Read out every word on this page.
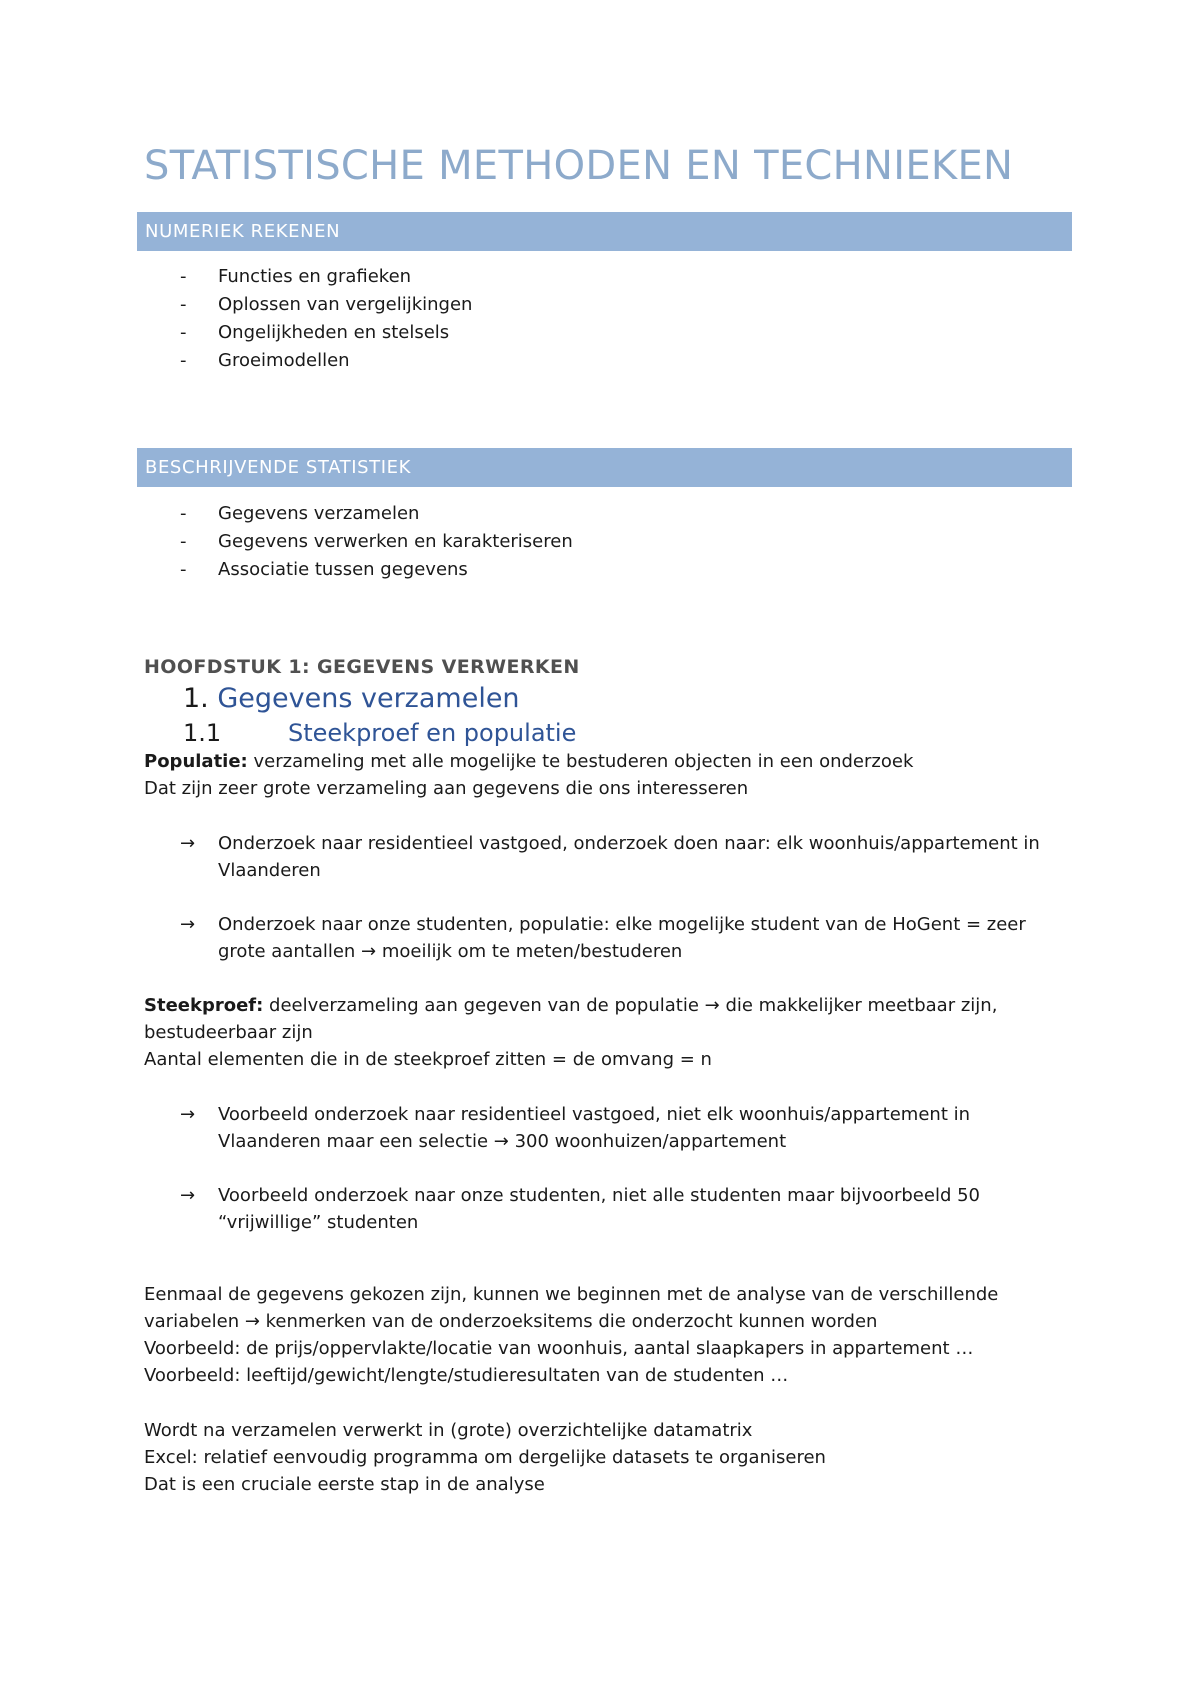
STATISTISCHE METHODEN EN TECHNIEKEN
NUMERIEK REKENEN
- Functies en grafieken
- Oplossen van vergelijkingen
- Ongelijkheden en stelsels
- Groeimodellen
BESCHRIJVENDE STATISTIEK
- Gegevens verzamelen
- Gegevens verwerken en karakteriseren
- Associatie tussen gegevens
HOOFDSTUK 1: GEGEVENS VERWERKEN
1. Gegevens verzamelen
1.1	Steekproef en populatie
Populatie: verzameling met alle mogelijke te bestuderen objecten in een onderzoek
Dat zijn zeer grote verzameling aan gegevens die ons interesseren
→ Onderzoek naar residentieel vastgoed, onderzoek doen naar: elk woonhuis/appartement in
Vlaanderen
→ Onderzoek naar onze studenten, populatie: elke mogelijke student van de HoGent = zeer
grote aantallen → moeilijk om te meten/bestuderen
Steekproef: deelverzameling aan gegeven van de populatie → die makkelijker meetbaar zijn,
bestudeerbaar zijn
Aantal elementen die in de steekproef zitten = de omvang = n
→ Voorbeeld onderzoek naar residentieel vastgoed, niet elk woonhuis/appartement in
Vlaanderen maar een selectie → 300 woonhuizen/appartement
→ Voorbeeld onderzoek naar onze studenten, niet alle studenten maar bijvoorbeeld 50
“vrijwillige” studenten
Eenmaal de gegevens gekozen zijn, kunnen we beginnen met de analyse van de verschillende
variabelen → kenmerken van de onderzoeksitems die onderzocht kunnen worden
Voorbeeld: de prijs/oppervlakte/locatie van woonhuis, aantal slaapkapers in appartement …
Voorbeeld: leeftijd/gewicht/lengte/studieresultaten van de studenten …
Wordt na verzamelen verwerkt in (grote) overzichtelijke datamatrix
Excel: relatief eenvoudig programma om dergelijke datasets te organiseren
Dat is een cruciale eerste stap in de analyse
